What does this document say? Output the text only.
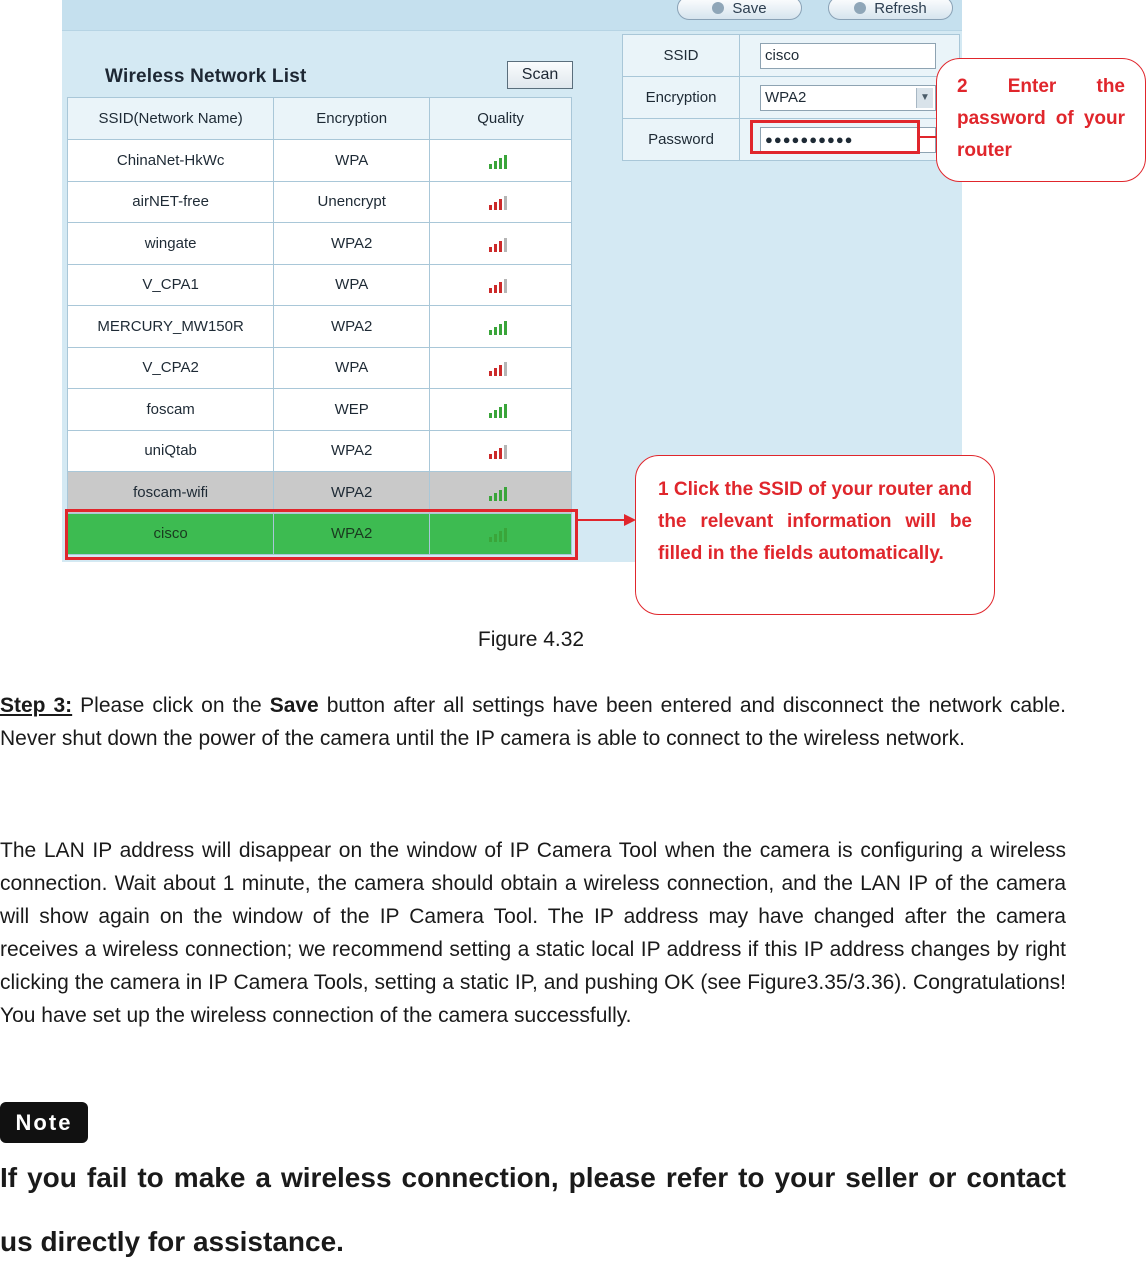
Save	Refresh
Wireless Network List	Scan
SSID(Network Name)	Encryption	Quality
ChinaNet-HkWc	WPA	

airNET-free	Unencrypt	

wingate	WPA2	

V_CPA1	WPA	

MERCURY_MW150R	WPA2	

V_CPA2	WPA	

foscam	WEP	

uniQtab	WPA2	

foscam-wifi	WPA2	

cisco	WPA2	
SSID	cisco

Encryption	WPA2 ▼

Password	●●●●●●●●●●
2 Enter the password of your router
1 Click the SSID of your router and the relevant information will be filled in the fields automatically.
Figure 4.32
Step 3: Please click on the Save button after all settings have been entered and disconnect the network cable. Never shut down the power of the camera until the IP camera is able to connect to the wireless network.
The LAN IP address will disappear on the window of IP Camera Tool when the camera is configuring a wireless connection. Wait about 1 minute, the camera should obtain a wireless connection, and the LAN IP of the camera will show again on the window of the IP Camera Tool. The IP address may have changed after the camera receives a wireless connection; we recommend setting a static local IP address if this IP address changes by right clicking the camera in IP Camera Tools, setting a static IP, and pushing OK (see Figure3.35/3.36). Congratulations! You have set up the wireless connection of the camera successfully.
Note
If you fail to make a wireless connection, please refer to your seller or contact us directly for assistance.
